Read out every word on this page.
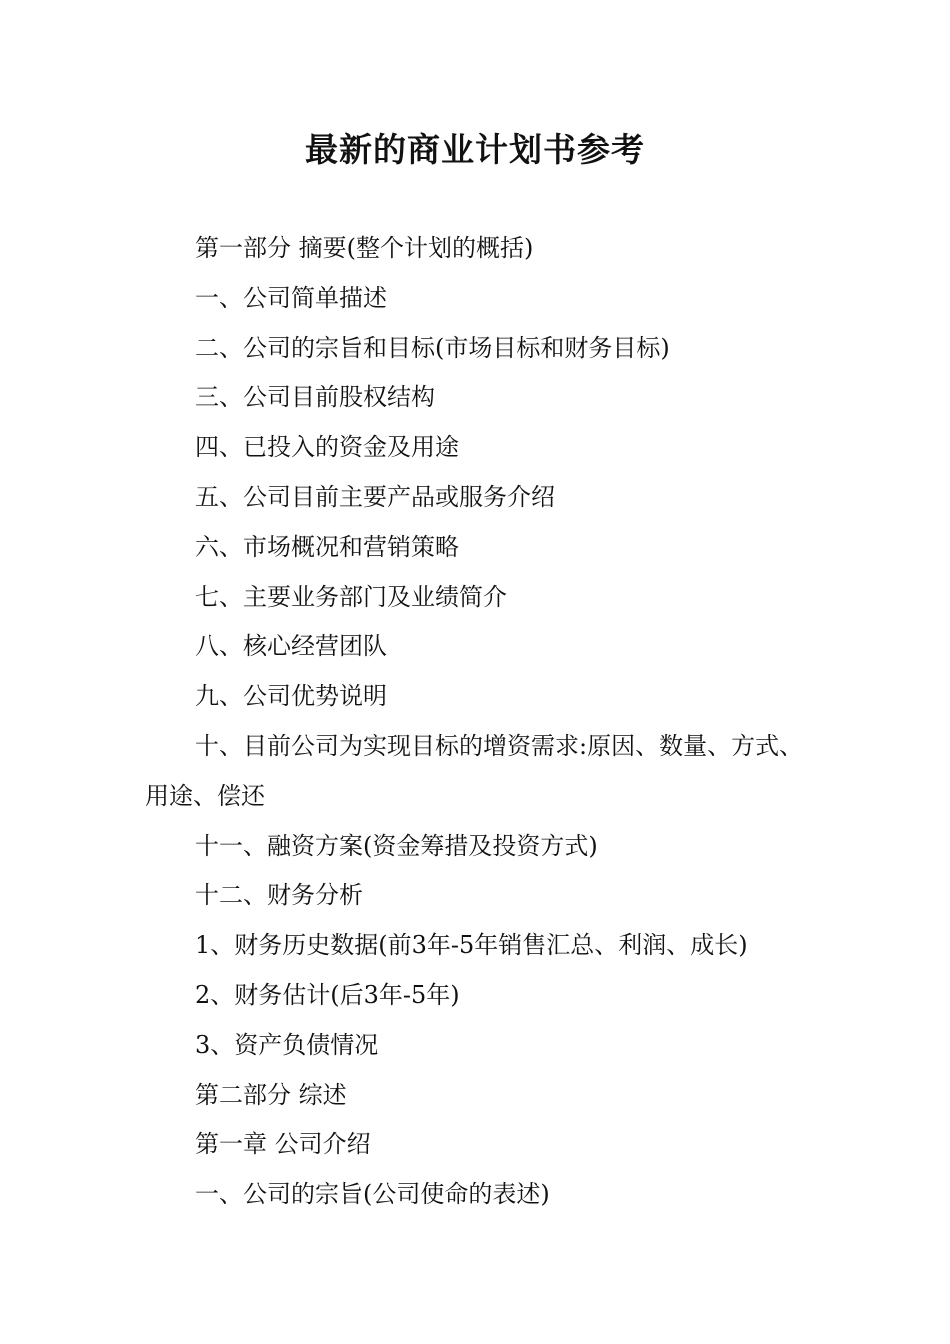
最新的商业计划书参考

第一部分 摘要(整个计划的概括)

一、公司简单描述

二、公司的宗旨和目标(市场目标和财务目标)

三、公司目前股权结构

四、已投入的资金及用途

五、公司目前主要产品或服务介绍

六、市场概况和营销策略

七、主要业务部门及业绩简介

八、核心经营团队

九、公司优势说明

十、目前公司为实现目标的增资需求:原因、数量、方式、用途、偿还

十一、融资方案(资金筹措及投资方式)

十二、财务分析

1、财务历史数据(前3年-5年销售汇总、利润、成长)

2、财务估计(后3年-5年)

3、资产负债情况

第二部分 综述

第一章 公司介绍

一、公司的宗旨(公司使命的表述)
